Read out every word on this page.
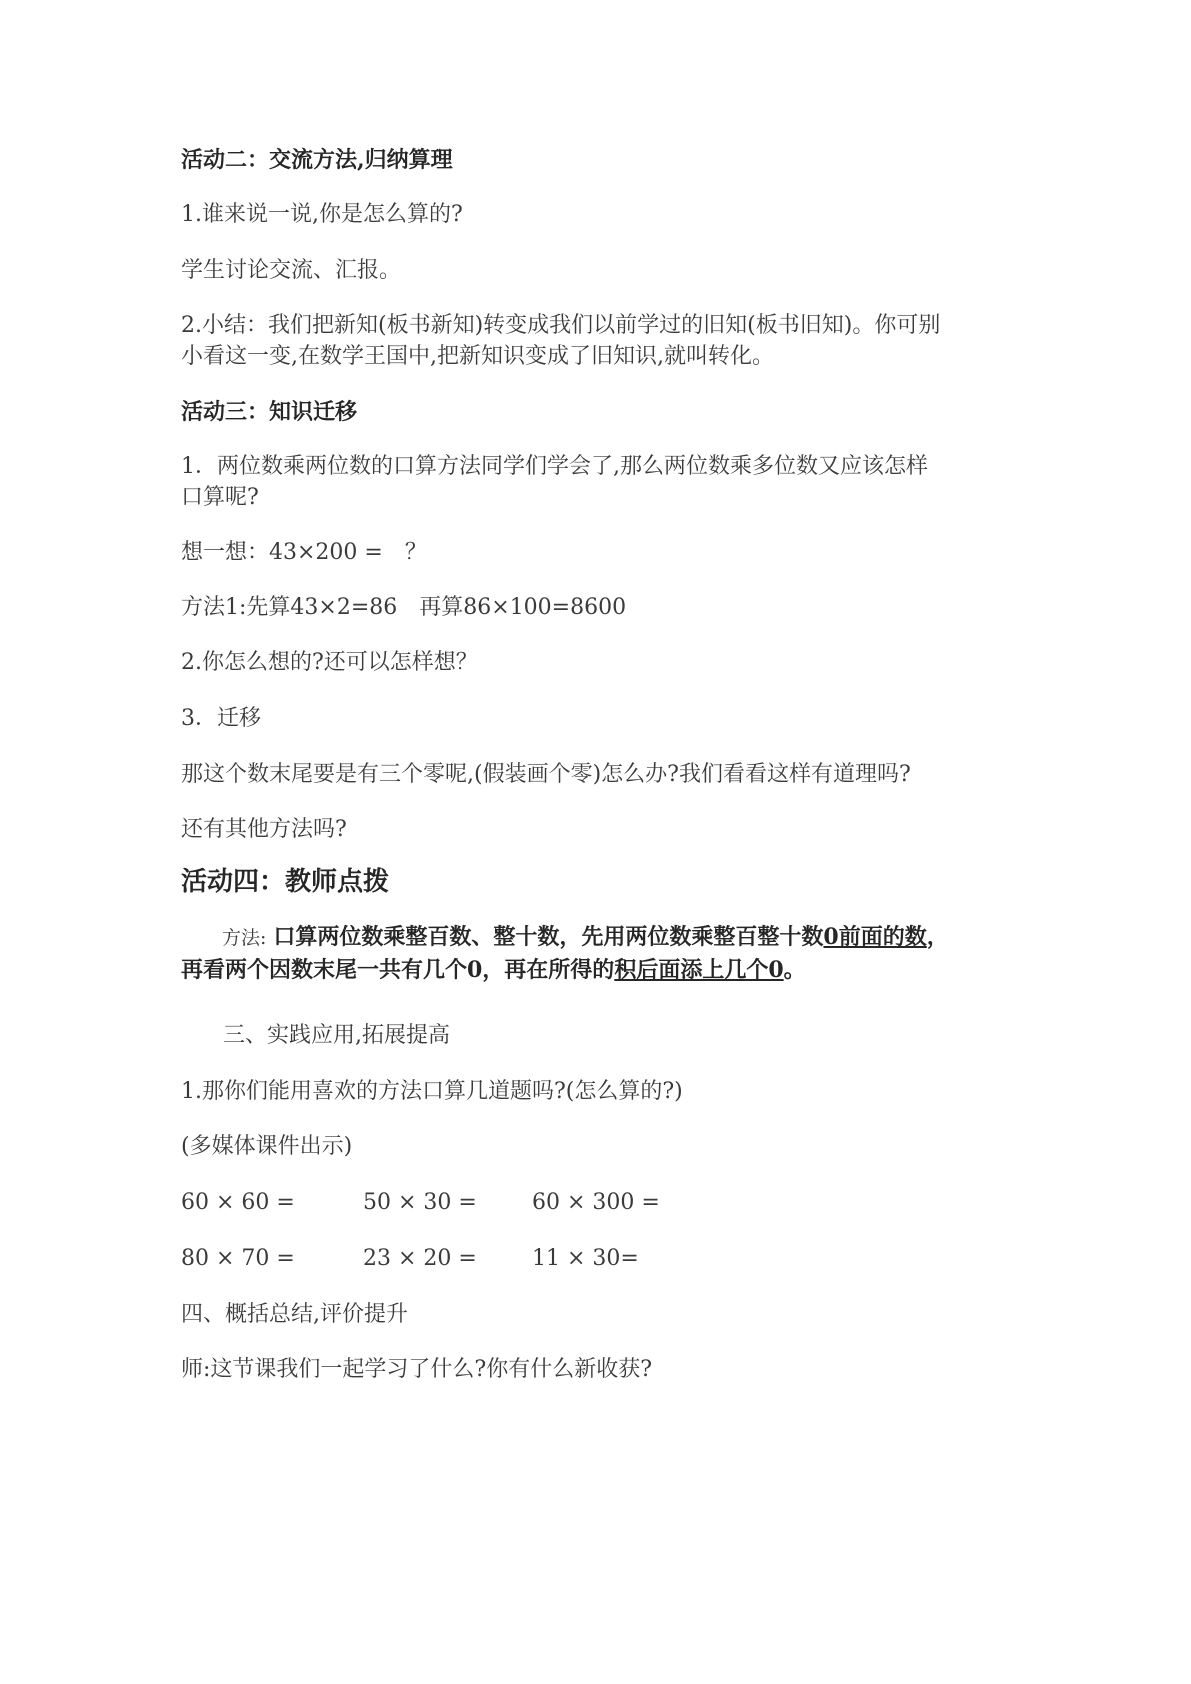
活动二：交流方法,归纳算理
1.谁来说一说,你是怎么算的?
学生讨论交流、汇报。
2.小结：我们把新知(板书新知)转变成我们以前学过的旧知(板书旧知)。你可别
小看这一变,在数学王国中,把新知识变成了旧知识,就叫转化。
活动三：知识迁移
1．两位数乘两位数的口算方法同学们学会了,那么两位数乘多位数又应该怎样
口算呢?
想一想：43×200 =　？
方法1:先算43×2=86　再算86×100=8600
2.你怎么想的?还可以怎样想？
3．迁移
那这个数末尾要是有三个零呢,(假装画个零)怎么办?我们看看这样有道理吗?
还有其他方法吗?
活动四：教师点拨
方法: 口算两位数乘整百数、整十数，先用两位数乘整百整十数0前面的数，
再看两个因数末尾一共有几个0，再在所得的积后面添上几个0。
三、实践应用,拓展提高
1.那你们能用喜欢的方法口算几道题吗?(怎么算的?)
(多媒体课件出示)
60 × 60 =	50 × 30 =	60 × 300 =
80 × 70 =	23 × 20 =	11 × 30=
四、概括总结,评价提升
师:这节课我们一起学习了什么?你有什么新收获?
